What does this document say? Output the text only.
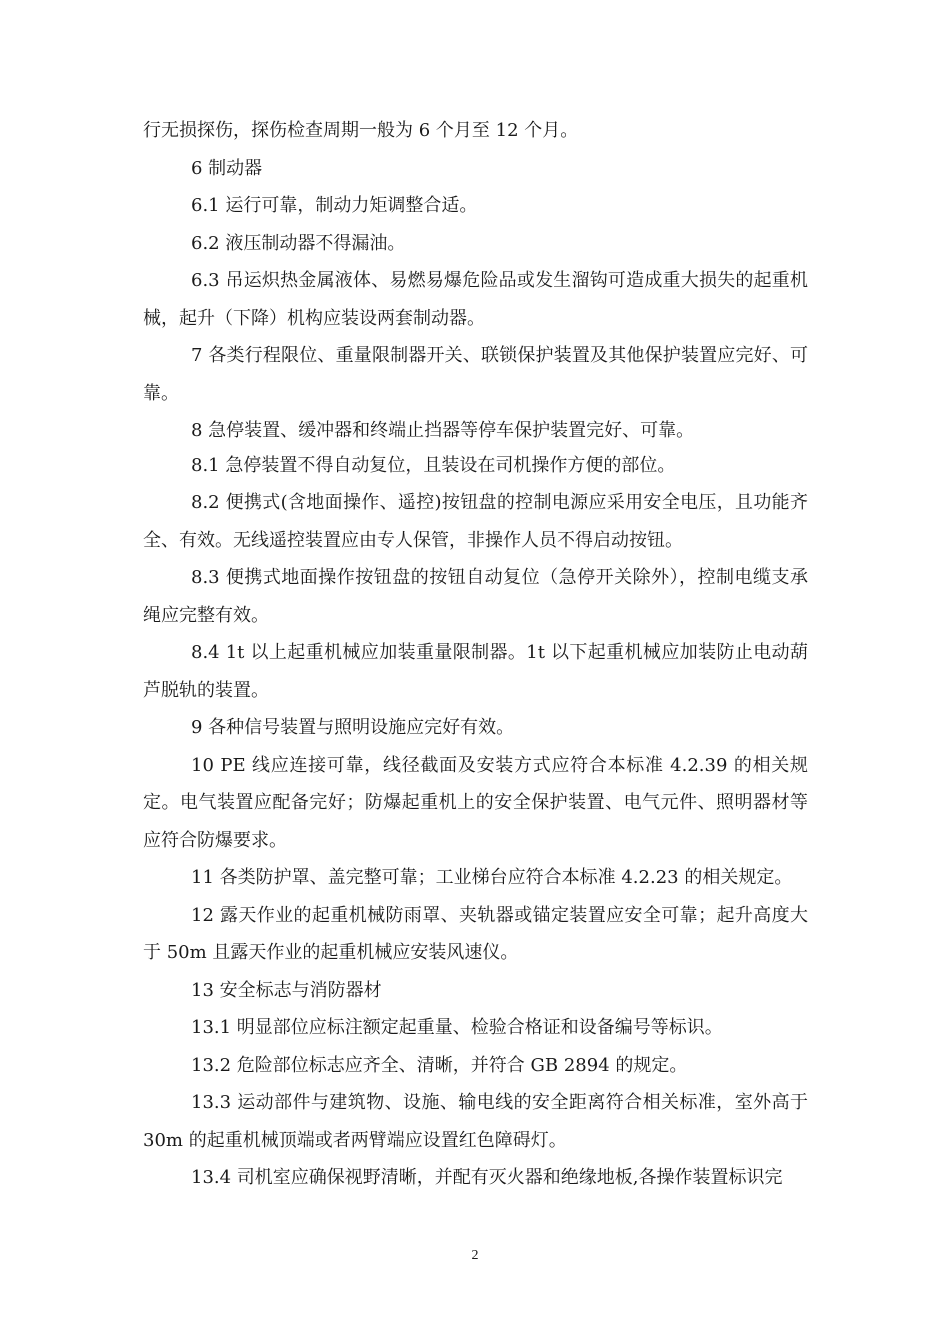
行无损探伤，探伤检查周期一般为 6 个月至 12 个月。

6 制动器

6.1 运行可靠，制动力矩调整合适。

6.2 液压制动器不得漏油。

6.3 吊运炽热金属液体、易燃易爆危险品或发生溜钩可造成重大损失的起重机械，起升（下降）机构应装设两套制动器。

7 各类行程限位、重量限制器开关、联锁保护装置及其他保护装置应完好、可靠。

8 急停装置、缓冲器和终端止挡器等停车保护装置完好、可靠。

8.1 急停装置不得自动复位，且装设在司机操作方便的部位。

8.2 便携式(含地面操作、遥控)按钮盘的控制电源应采用安全电压，且功能齐全、有效。无线遥控装置应由专人保管，非操作人员不得启动按钮。

8.3 便携式地面操作按钮盘的按钮自动复位（急停开关除外），控制电缆支承绳应完整有效。

8.4 1t 以上起重机械应加装重量限制器。1t 以下起重机械应加装防止电动葫芦脱轨的装置。

9 各种信号装置与照明设施应完好有效。

10 PE 线应连接可靠，线径截面及安装方式应符合本标准 4.2.39 的相关规定。电气装置应配备完好；防爆起重机上的安全保护装置、电气元件、照明器材等应符合防爆要求。

11 各类防护罩、盖完整可靠；工业梯台应符合本标准 4.2.23 的相关规定。

12 露天作业的起重机械防雨罩、夹轨器或锚定装置应安全可靠；起升高度大于 50m 且露天作业的起重机械应安装风速仪。

13 安全标志与消防器材

13.1 明显部位应标注额定起重量、检验合格证和设备编号等标识。

13.2 危险部位标志应齐全、清晰，并符合 GB 2894 的规定。

13.3 运动部件与建筑物、设施、输电线的安全距离符合相关标准，室外高于 30m 的起重机械顶端或者两臂端应设置红色障碍灯。

13.4 司机室应确保视野清晰，并配有灭火器和绝缘地板,各操作装置标识完

2
